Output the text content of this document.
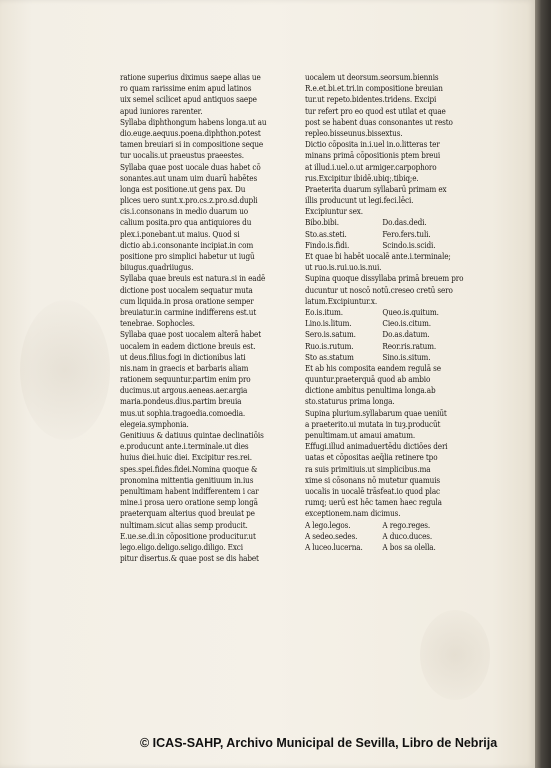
ratione superius diximus saepe alias ue
ro quam rarissime enim apud latinos
uix semel scilicet apud antiquos saepe
apud iuniores rarenter.
Syllaba diphthongum habens longa.ut au
dio.euge.aequus.poena.diphthon.potest
tamen breuiari si in compositione seque
tur uocalis.ut praeustus praeestes.
Syllaba quae post uocale duas habet cō
sonantes.aut unam uim duarū habētes
longa est positione.ut gens pax. Du
plices uero sunt.x.pro.cs.z.pro.sd.dupli
cis.i.consonans in medio duarum uo
calium posita.pro qua antiquiores du
plex.i.ponebant.ut maius. Quod si
dictio ab.i.consonante incipiat.in com
positione pro simplici habetur ut iugū
biiugus.quadriiugus.
Syllaba quae breuis est natura.si in eadē
dictione post uocalem sequatur muta
cum liquida.in prosa oratione semper
breuiatur.in carmine indifferens est.ut
tenebrae. Sophocles.
Syllaba quae post uocalem alterā habet
uocalem in eadem dictione breuis est.
ut deus.filius.fogi in dictionibus lati
nis.nam in graecis et barbaris aliam
rationem sequuntur.partim enim pro
ducimus.ut argous.aeneas.aer.argia
maria.pondeus.dius.partim breuia
mus.ut sophia.tragoedia.comoedia.
elegeia.symphonia.
Genitiuus & datiuus quintae declinatiōis
e.producunt ante.i.terminale.ut dies
huius diei.huic diei. Excipitur res.rei.
spes.spei.fides.fidei.Nomina quoque &
pronomina mittentia genitiuum in.ius
penultimam habent indifferentem i car
mine.i prosa uero oratione semp longā
praeterquam alterius quod breuiat pe
nultimam.sicut alias semp producit.
E.ue.se.di.in cōpositione producitur.ut
lego.eligo.deligo.seligo.diligo. Exci
pitur disertus.& quae post se dis habet
uocalem ut deorsum.seorsum.biennis
R.e.et.bi.et.tri.in compositione breuian
tur.ut repeto.bidentes.tridens. Excipi
tur refert pro eo quod est utilat et quae
post se habent duas consonantes ut resto
repleo.bisseunus.bissextus.
Dictio cōposita in.i.uel in.o.litteras ter
minans primā cōpositionis ptem breui
at illud.i.uel.o.ut armiger.carpophoro
rus.Excipitur ibidē.ubiq;.tibiq;e.
Praeterita duarum syllabarū primam ex
illis producunt ut legi.feci.lēci.
Excipiuntur sex.
Bibo.bibi.	Do.das.dedi.
Sto.as.steti.	Fero.fers.tuli.
Findo.is.fidi.	Scindo.is.scidi.
Et quae bi habēt uocalē ante.i.terminale;
ut ruo.is.rui.uo.is.nui.
Supina quoque dissyllaba primā breuem pro
ducuntur ut noscō notū.creseo cretū sero
latum.Excipiuntur.x.
Eo.is.itum.	Queo.is.quitum.
Lino.is.litum.	Cieo.is.citum.
Sero.is.satum.	Do.as.datum.
Ruo.is.rutum.	Reor.ris.ratum.
Sto as.statum	Sino.is.situm.
Et ab his composita eandem regulā se
quuntur.praeterquā quod ab ambio
dictione ambitus penultima longa.ab
sto.staturus prima longa.
Supina plurium.syllabarum quae ueniūt
a praeterito.ui mutata in tuȝ.producūt
penultimam.ut amaui amatum.
Effugi.illud animaduertēdu dictiōes deri
uatas et cōpositas aeq̄lia retinere tpo
ra suis primitiuis.ut simplicibus.ma
xime si cōsonans nō mutetur quamuis
uocalis in uocalē trāsfeat.io quod plac
rumq; uerū est hēc tamen haec regula
exceptionem.nam dicimus.
A lego.legos.	A rego.reges.
A sedeo.sedes.	A duco.duces.
A luceo.lucerna.	A bos sa olella.
© ICAS-SAHP, Archivo Municipal de Sevilla, Libro de Nebrija
